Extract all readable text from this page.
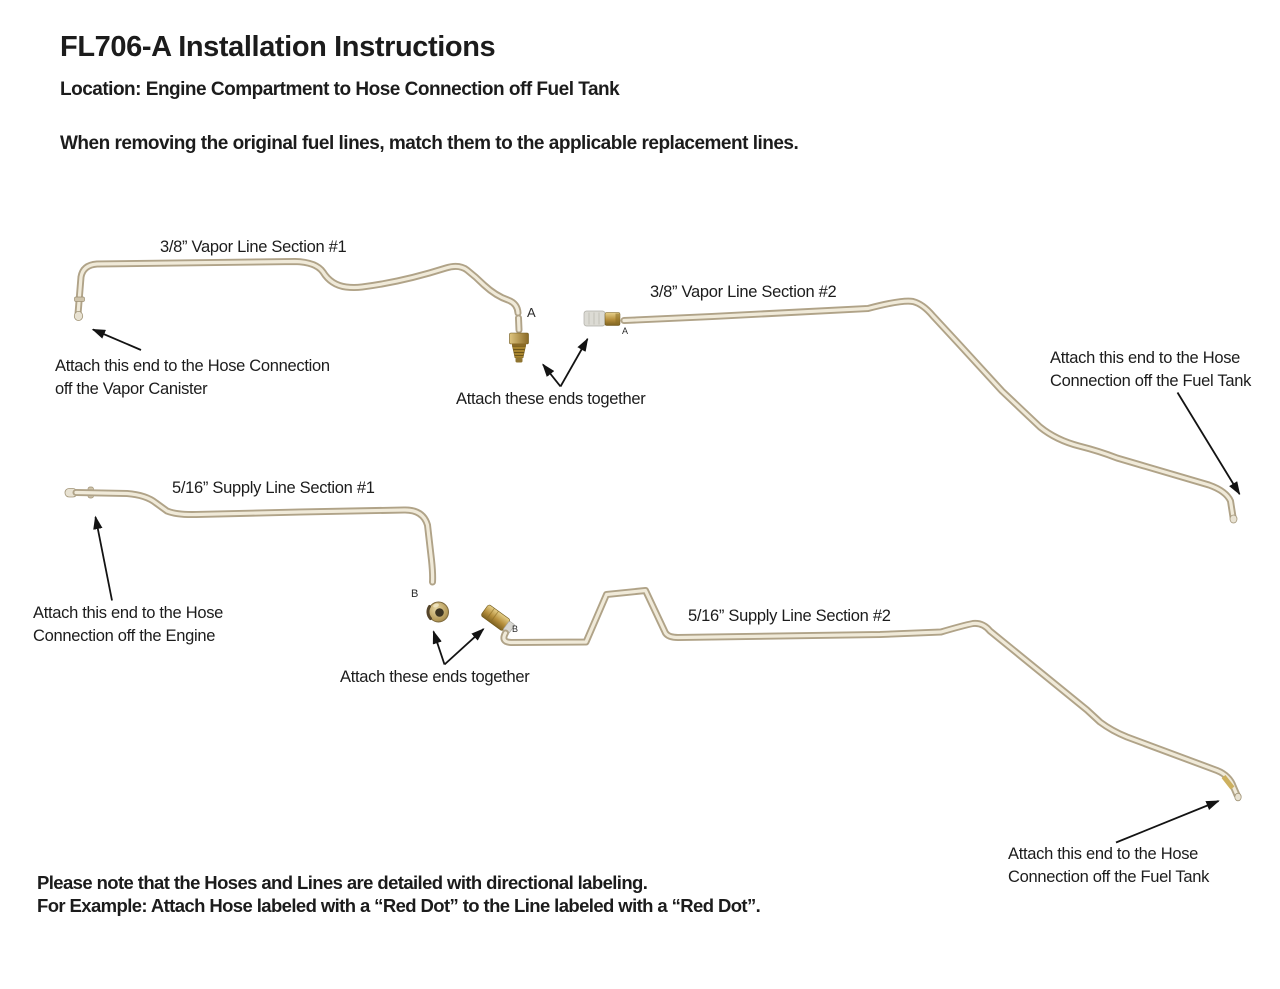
A
A
B
B
FL706-A Installation Instructions
Location: Engine Compartment to Hose Connection off Fuel Tank
When removing the original fuel lines, match them to the applicable replacement lines.
3/8” Vapor Line Section #1
3/8” Vapor Line Section #2
5/16” Supply Line Section #1
5/16” Supply Line Section #2
Attach this end to the Hose Connection
off the Vapor Canister
Attach these ends together
Attach this end to the Hose
Connection off the Fuel Tank
Attach this end to the Hose
Connection off the Engine
Attach these ends together
Attach this end to the Hose
Connection off the Fuel Tank
Please note that the Hoses and Lines are detailed with directional labeling.
For Example: Attach Hose labeled with a “Red Dot” to the Line labeled with a “Red Dot”.
